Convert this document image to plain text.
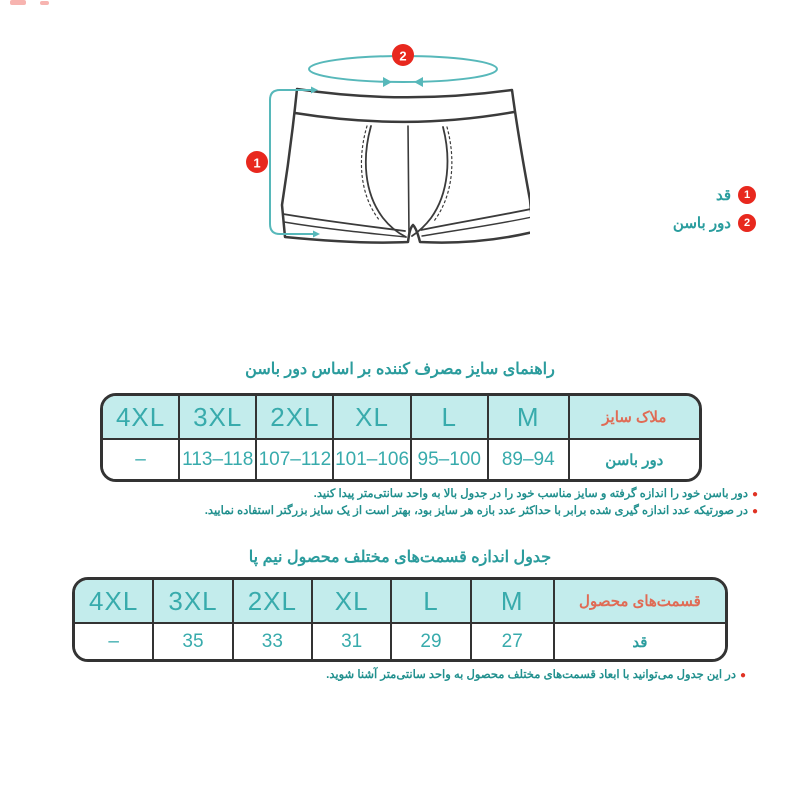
1
2
1
قد
2
دور باسن
راهنمای سایز مصرف کننده بر اساس دور باسن
4XL 3XL 2XL XL L M	ملاک سایز
– 113–118 107–112 101–106 95–100 89–94	دور باسن
●دور باسن خود را اندازه گرفته و سایز مناسب خود را در جدول بالا به واحد سانتی‌متر پیدا کنید.
●در صورتیکه عدد اندازه گیری شده برابر با حداکثر عدد بازه هر سایز بود، بهتر است از یک سایز بزرگتر استفاده نمایید.
جدول اندازه قسمت‌های مختلف محصول نیم پا
4XL 3XL 2XL XL L M	قسمت‌های محصول
–	35	33	31	29	27	قد
●در این جدول می‌توانید با ابعاد قسمت‌های مختلف محصول به واحد سانتی‌متر آشنا شوید.
